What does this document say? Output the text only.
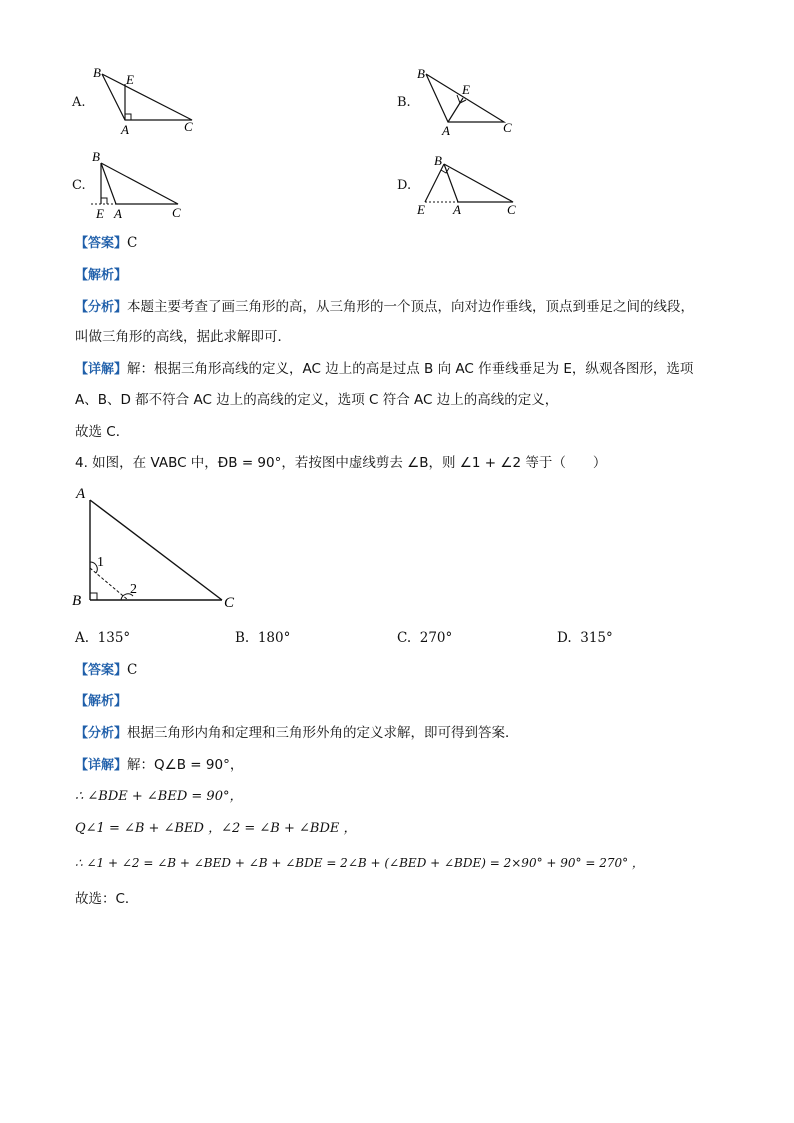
A.
B E
A	C
B.
B
E
A	C
C.
B
E A	C
D.
B
E A	C
【答案】C
【解析】
【分析】本题主要考查了画三角形的高，从三角形的一个顶点，向对边作垂线，顶点到垂足之间的线段，
叫做三角形的高线，据此求解即可．
【详解】解：根据三角形高线的定义，AC 边上的高是过点 B 向 AC 作垂线垂足为 E，纵观各图形，选项
A、B、D 都不符合 AC 边上的高线的定义，选项 C 符合 AC 边上的高线的定义，
故选 C．
4. 如图，在 VABC 中，ÐB = 90°，若按图中虚线剪去 ∠B，则 ∠1 + ∠2 等于（　　）
A
B	C
1
2
A. 135°	B. 180°	C. 270°	D. 315°
【答案】C
【解析】
【分析】根据三角形内角和定理和三角形外角的定义求解，即可得到答案．
【详解】解：Q∠B = 90°，
∴ ∠BDE + ∠BED = 90°，
Q∠1 = ∠B + ∠BED ，∠2 = ∠B + ∠BDE ，
∴ ∠1 + ∠2 = ∠B + ∠BED + ∠B + ∠BDE = 2∠B + (∠BED + ∠BDE) = 2×90° + 90° = 270° ，
故选：C．
